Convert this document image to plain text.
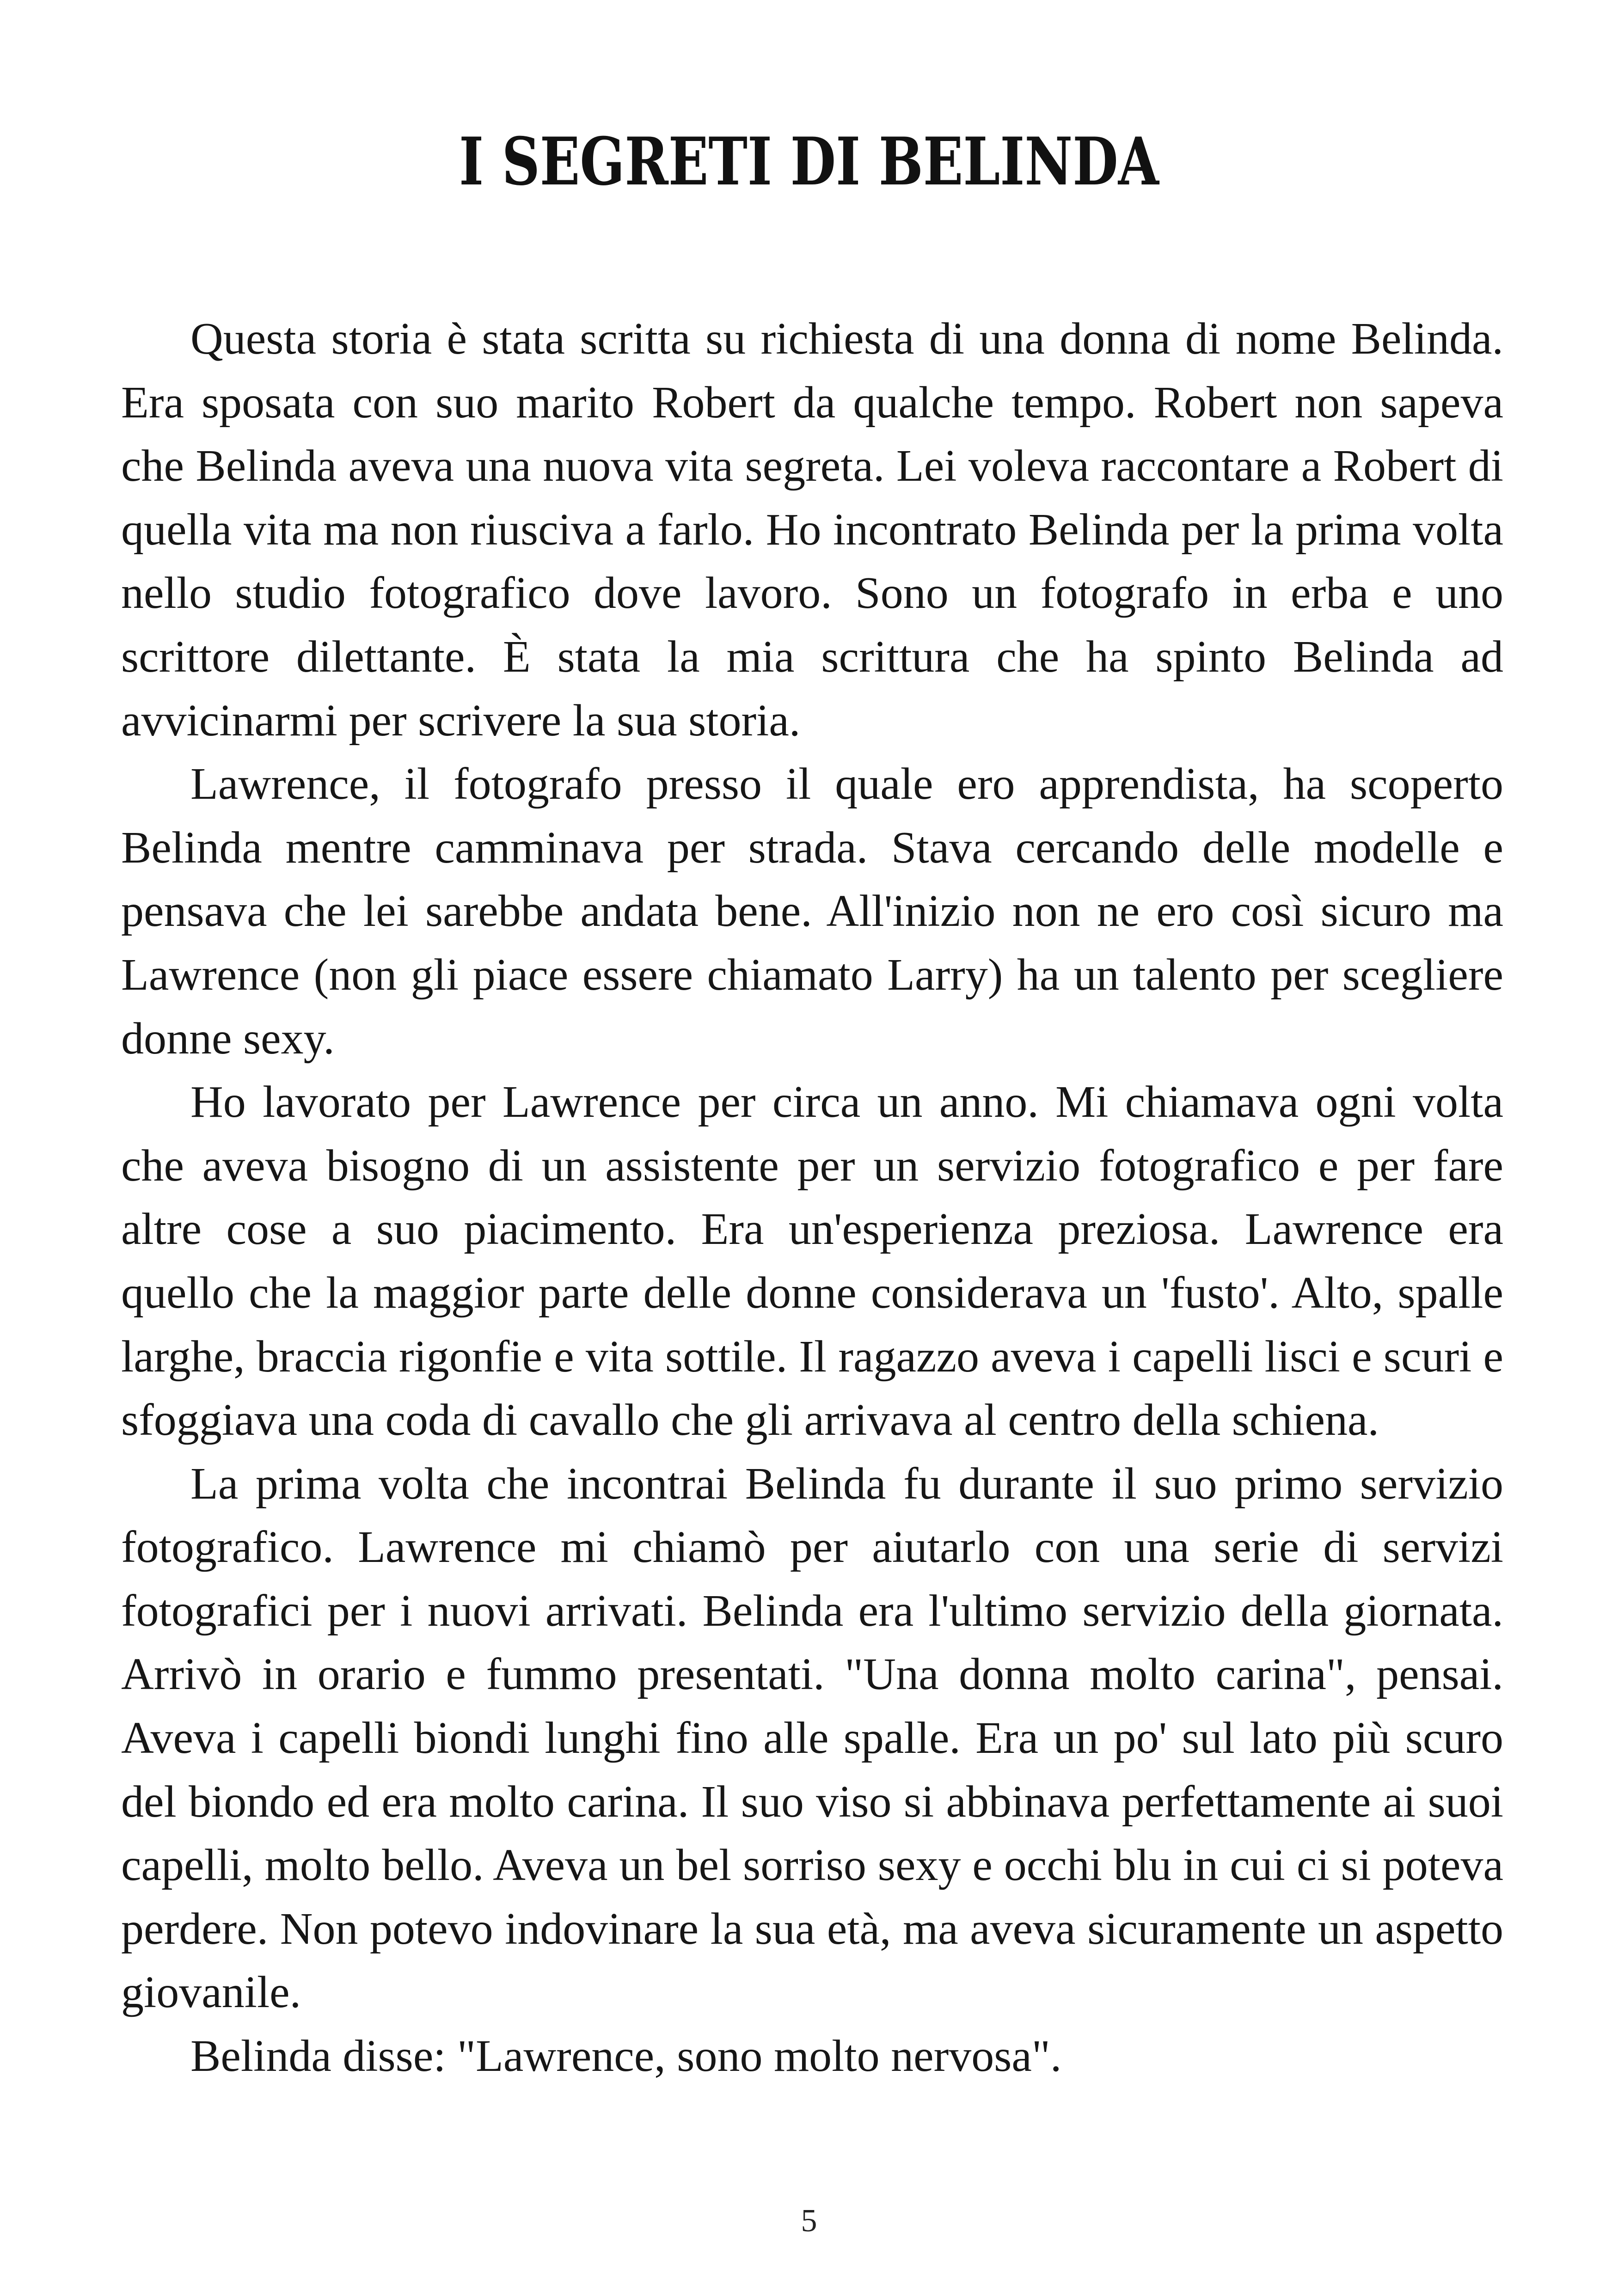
I SEGRETI DI BELINDA

Questa storia è stata scritta su richiesta di una donna di nome Belinda. Era sposata con suo marito Robert da qualche tempo. Robert non sapeva che Belinda aveva una nuova vita segreta. Lei voleva raccontare a Robert di quella vita ma non riusciva a farlo. Ho incontrato Belinda per la prima volta nello studio fotografico dove lavoro. Sono un fotografo in erba e uno scrittore dilettante. È stata la mia scrittura che ha spinto Belinda ad avvicinarmi per scrivere la sua storia.

Lawrence, il fotografo presso il quale ero apprendista, ha scoperto Belinda mentre camminava per strada. Stava cercando delle modelle e pensava che lei sarebbe andata bene. All'inizio non ne ero così sicuro ma Lawrence (non gli piace essere chiamato Larry) ha un talento per scegliere donne sexy.

Ho lavorato per Lawrence per circa un anno. Mi chiamava ogni volta che aveva bisogno di un assistente per un servizio fotografico e per fare altre cose a suo piacimento. Era un'esperienza preziosa. Lawrence era quello che la maggior parte delle donne considerava un 'fusto'. Alto, spalle larghe, braccia rigonfie e vita sottile. Il ragazzo aveva i capelli lisci e scuri e sfoggiava una coda di cavallo che gli arrivava al centro della schiena.

La prima volta che incontrai Belinda fu durante il suo primo servizio fotografico. Lawrence mi chiamò per aiutarlo con una serie di servizi fotografici per i nuovi arrivati. Belinda era l'ultimo servizio della giornata. Arrivò in orario e fummo presentati. "Una donna molto carina", pensai. Aveva i capelli biondi lunghi fino alle spalle. Era un po' sul lato più scuro del biondo ed era molto carina. Il suo viso si abbinava perfettamente ai suoi capelli, molto bello. Aveva un bel sorriso sexy e occhi blu in cui ci si poteva perdere. Non potevo indovinare la sua età, ma aveva sicuramente un aspetto giovanile.

Belinda disse: "Lawrence, sono molto nervosa".

5
